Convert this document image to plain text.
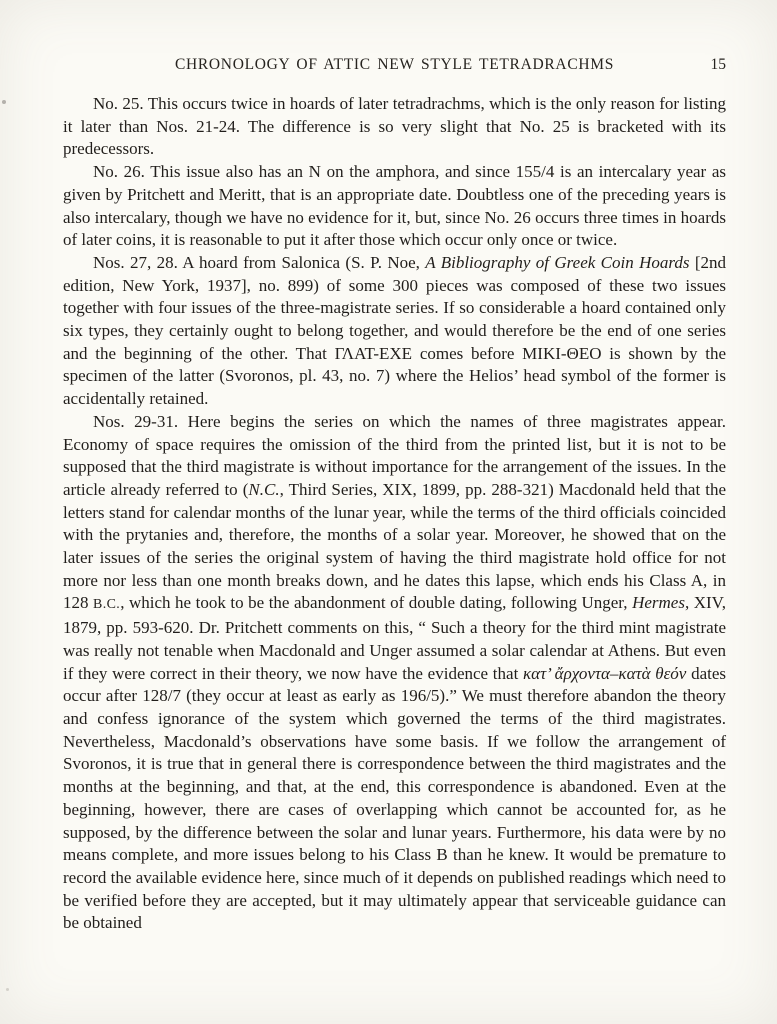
CHRONOLOGY OF ATTIC NEW STYLE TETRADRACHMS	15

No. 25. This occurs twice in hoards of later tetradrachms, which is the only reason for listing it later than Nos. 21-24. The difference is so very slight that No. 25 is bracketed with its predecessors.

No. 26. This issue also has an N on the amphora, and since 155/4 is an intercalary year as given by Pritchett and Meritt, that is an appropriate date. Doubtless one of the preceding years is also intercalary, though we have no evidence for it, but, since No. 26 occurs three times in hoards of later coins, it is reasonable to put it after those which occur only once or twice.

Nos. 27, 28. A hoard from Salonica (S. P. Noe, A Bibliography of Greek Coin Hoards [2nd edition, New York, 1937], no. 899) of some 300 pieces was composed of these two issues together with four issues of the three-magistrate series. If so considerable a hoard contained only six types, they certainly ought to belong together, and would therefore be the end of one series and the beginning of the other. That ΓΛΑΤ-ΕΧΕ comes before ΜΙΚΙ-ΘΕΟ is shown by the specimen of the latter (Svoronos, pl. 43, no. 7) where the Helios’ head symbol of the former is accidentally retained.

Nos. 29-31. Here begins the series on which the names of three magistrates appear. Economy of space requires the omission of the third from the printed list, but it is not to be supposed that the third magistrate is without importance for the arrangement of the issues. In the article already referred to (N.C., Third Series, XIX, 1899, pp. 288-321) Macdonald held that the letters stand for calendar months of the lunar year, while the terms of the third officials coincided with the prytanies and, therefore, the months of a solar year. Moreover, he showed that on the later issues of the series the original system of having the third magistrate hold office for not more nor less than one month breaks down, and he dates this lapse, which ends his Class A, in 128 B.C., which he took to be the abandonment of double dating, following Unger, Hermes, XIV, 1879, pp. 593-620. Dr. Pritchett comments on this, “ Such a theory for the third mint magistrate was really not tenable when Macdonald and Unger assumed a solar calendar at Athens. But even if they were correct in their theory, we now have the evidence that κατ’ ἄρχοντα–κατὰ θεόν dates occur after 128/7 (they occur at least as early as 196/5).” We must therefore abandon the theory and confess ignorance of the system which governed the terms of the third magistrates. Nevertheless, Macdonald’s observations have some basis. If we follow the arrangement of Svoronos, it is true that in general there is correspondence between the third magistrates and the months at the beginning, and that, at the end, this correspondence is abandoned. Even at the beginning, however, there are cases of overlapping which cannot be accounted for, as he supposed, by the difference between the solar and lunar years. Furthermore, his data were by no means complete, and more issues belong to his Class B than he knew. It would be premature to record the available evidence here, since much of it depends on published readings which need to be verified before they are accepted, but it may ultimately appear that serviceable guidance can be obtained
